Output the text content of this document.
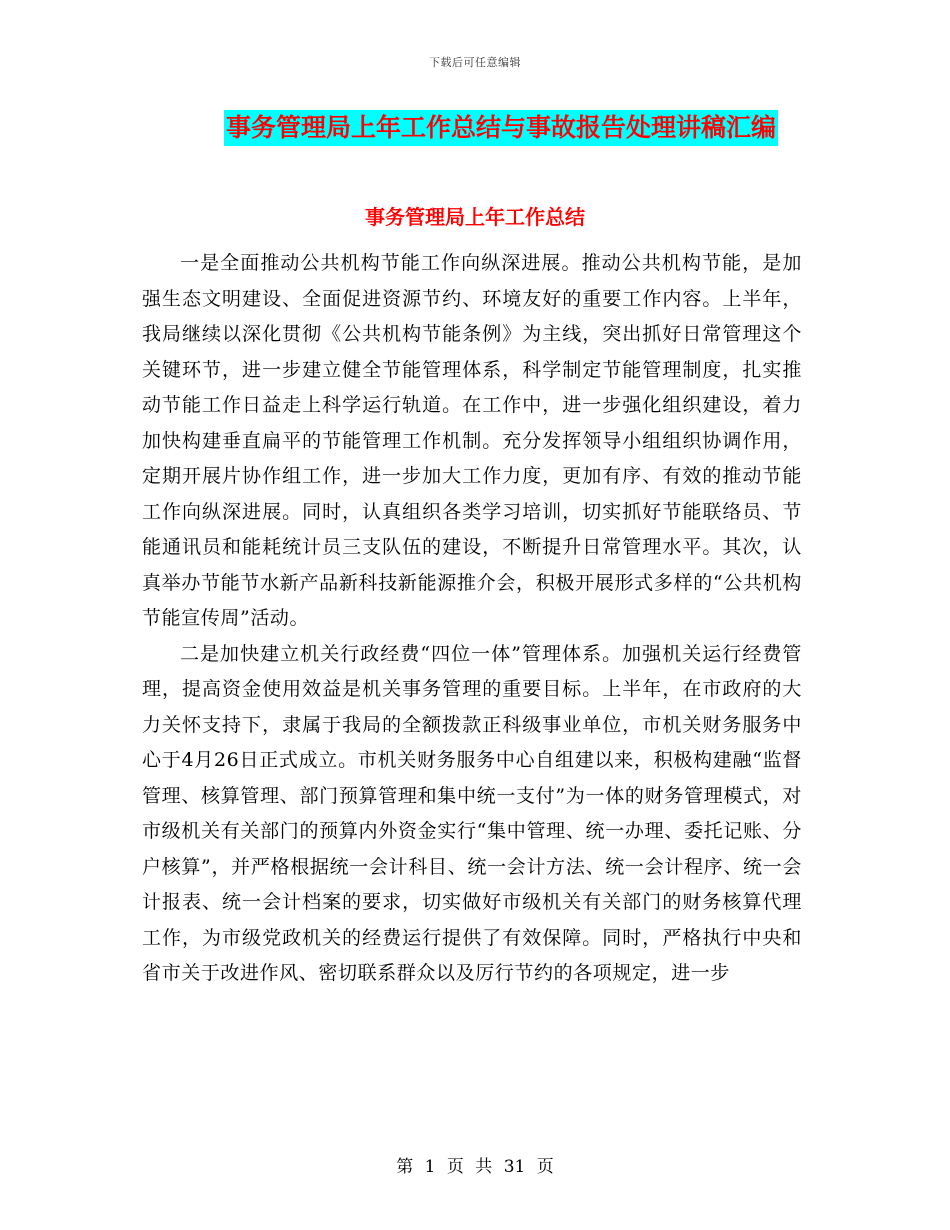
下载后可任意编辑
事务管理局上年工作总结与事故报告处理讲稿汇编
事务管理局上年工作总结

一是全面推动公共机构节能工作向纵深进展。推动公共机构节能，是加强生态文明建设、全面促进资源节约、环境友好的重要工作内容。上半年，我局继续以深化贯彻《公共机构节能条例》为主线，突出抓好日常管理这个关键环节，进一步建立健全节能管理体系，科学制定节能管理制度，扎实推动节能工作日益走上科学运行轨道。在工作中，进一步强化组织建设，着力加快构建垂直扁平的节能管理工作机制。充分发挥领导小组组织协调作用，定期开展片协作组工作，进一步加大工作力度，更加有序、有效的推动节能工作向纵深进展。同时，认真组织各类学习培训，切实抓好节能联络员、节能通讯员和能耗统计员三支队伍的建设，不断提升日常管理水平。其次，认真举办节能节水新产品新科技新能源推介会，积极开展形式多样的“公共机构节能宣传周”活动。

二是加快建立机关行政经费“四位一体”管理体系。加强机关运行经费管理，提高资金使用效益是机关事务管理的重要目标。上半年，在市政府的大力关怀支持下，隶属于我局的全额拨款正科级事业单位，市机关财务服务中心于4月26日正式成立。市机关财务服务中心自组建以来，积极构建融“监督管理、核算管理、部门预算管理和集中统一支付”为一体的财务管理模式，对市级机关有关部门的预算内外资金实行“集中管理、统一办理、委托记账、分户核算”，并严格根据统一会计科目、统一会计方法、统一会计程序、统一会计报表、统一会计档案的要求，切实做好市级机关有关部门的财务核算代理工作，为市级党政机关的经费运行提供了有效保障。同时，严格执行中央和省市关于改进作风、密切联系群众以及厉行节约的各项规定，进一步

第 1 页 共 31 页
